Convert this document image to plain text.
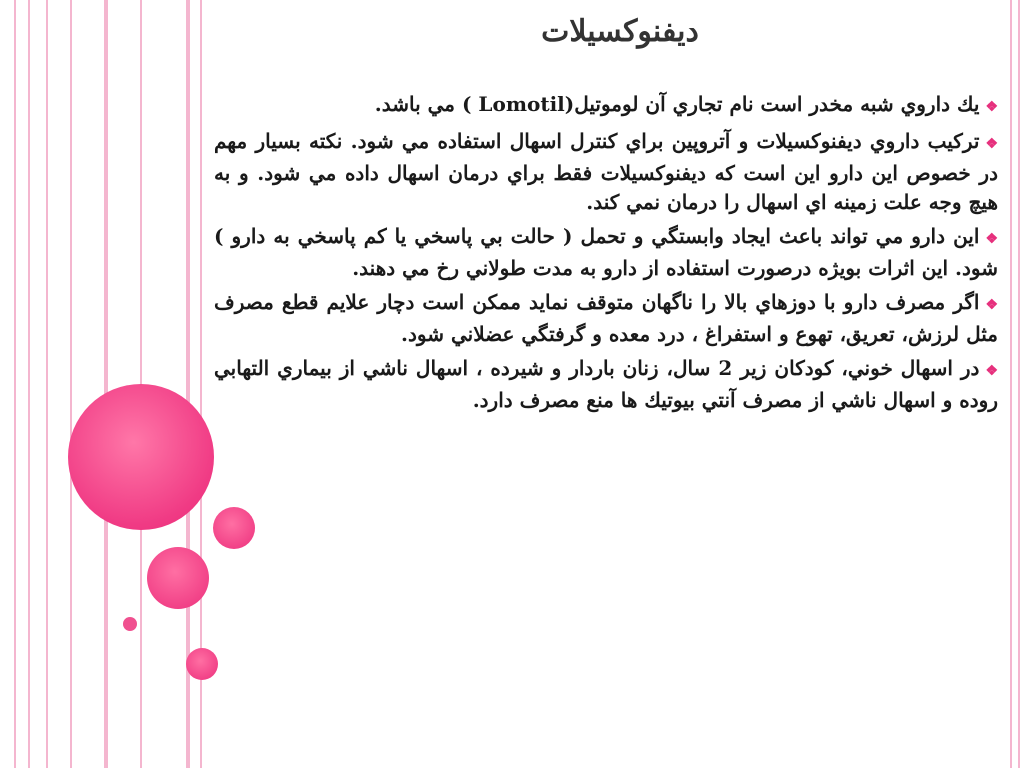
ديفنوكسيلات

❖يك داروي شبه مخدر است نام تجاري آن لوموتيل(Lomotil ) مي باشد.

❖تركيب داروي ديفنوكسيلات و آتروپين براي كنترل اسهال استفاده مي شود. نكته بسيار مهم در خصوص اين دارو اين است كه ديفنوكسيلات فقط براي درمان اسهال داده مي شود. و به هيچ وجه علت زمينه اي اسهال را درمان نمي كند.

❖اين دارو مي تواند باعث ايجاد وابستگي و تحمل ( حالت بي پاسخي يا كم پاسخي به دارو ) شود. اين اثرات بويژه درصورت استفاده از دارو به مدت طولاني رخ مي دهند.

❖اگر مصرف دارو با دوزهاي بالا را ناگهان متوقف نمايد ممكن است دچار علايم قطع مصرف مثل لرزش، تعريق، تهوع و استفراغ ، درد معده و گرفتگي عضلاني شود.

❖در اسهال خوني، كودكان زير 2 سال، زنان باردار و شيرده ، اسهال ناشي از بيماري التهابي روده و اسهال ناشي از مصرف آنتي بيوتيك ها منع مصرف دارد.
